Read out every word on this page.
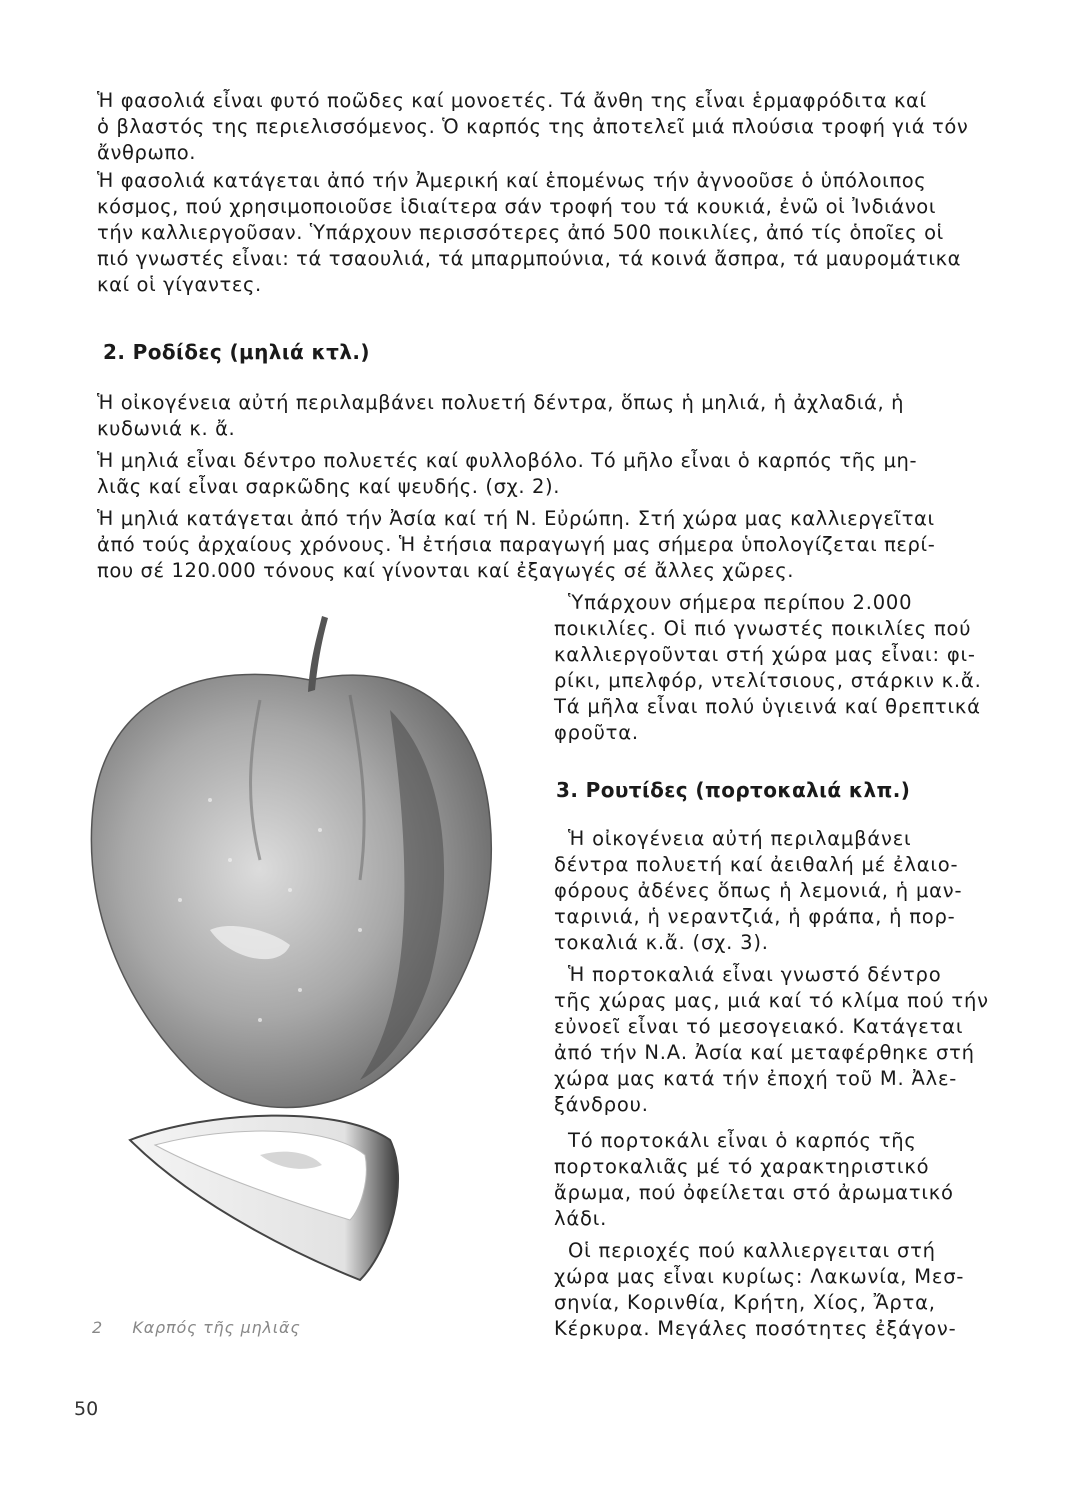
Ἡ φασολιά εἶναι φυτό ποῶδες καί μονοετές. Τά ἄνθη της εἶναι ἑρμαφρόδιτα καί
ὁ βλαστός της περιελισσόμενος. Ὁ καρπός της ἀποτελεῖ μιά πλούσια τροφή γιά τόν
ἄνθρωπο.

Ἡ φασολιά κατάγεται ἀπό τήν Ἀμερική καί ἑπομένως τήν ἀγνοοῦσε ὁ ὑπόλοιπος
κόσμος, πού χρησιμοποιοῦσε ἰδιαίτερα σάν τροφή του τά κουκιά, ἐνῶ οἱ Ἰνδιάνοι
τήν καλλιεργοῦσαν. Ὑπάρχουν περισσότερες ἀπό 500 ποικιλίες, ἀπό τίς ὁποῖες οἱ
πιό γνωστές εἶναι: τά τσαουλιά, τά μπαρμπούνια, τά κοινά ἄσπρα, τά μαυρομάτικα
καί οἱ γίγαντες.

2. Ροδίδες (μηλιά κτλ.)

Ἡ οἰκογένεια αὐτή περιλαμβάνει πολυετή δέντρα, ὅπως ἡ μηλιά, ἡ ἀχλαδιά, ἡ
κυδωνιά κ. ἄ.

Ἡ μηλιά εἶναι δέντρο πολυετές καί φυλλοβόλο. Τό μῆλο εἶναι ὁ καρπός τῆς μη-
λιᾶς καί εἶναι σαρκῶδης καί ψευδής. (σχ. 2).

Ἡ μηλιά κατάγεται ἀπό τήν Ἀσία καί τή Ν. Εὐρώπη. Στή χώρα μας καλλιεργεῖται
ἀπό τούς ἀρχαίους χρόνους. Ἡ ἐτήσια παραγωγή μας σήμερα ὑπολογίζεται περί-
που σέ 120.000 τόνους καί γίνονται καί ἐξαγωγές σέ ἄλλες χῶρες.

Ὑπάρχουν σήμερα περίπου 2.000
ποικιλίες. Οἱ πιό γνωστές ποικιλίες πού
καλλιεργοῦνται στή χώρα μας εἶναι: φι-
ρίκι, μπελφόρ, ντελίτσιους, στάρκιν κ.ἄ.
Τά μῆλα εἶναι πολύ ὑγιεινά καί θρεπτικά
φροῦτα.

3. Ρουτίδες (πορτοκαλιά κλπ.)

Ἡ οἰκογένεια αὐτή περιλαμβάνει
δέντρα πολυετή καί ἀειθαλή μέ ἐλαιο-
φόρους ἀδένες ὅπως ἡ λεμονιά, ἡ μαν-
ταρινιά, ἡ νεραντζιά, ἡ φράπα, ἡ πορ-
τοκαλιά κ.ἄ. (σχ. 3).

Ἡ πορτοκαλιά εἶναι γνωστό δέντρο
τῆς χώρας μας, μιά καί τό κλίμα πού τήν
εὐνοεῖ εἶναι τό μεσογειακό. Κατάγεται
ἀπό τήν Ν.Α. Ἀσία καί μεταφέρθηκε στή
χώρα μας κατά τήν ἐποχή τοῦ Μ. Ἀλε-
ξάνδρου.

Τό πορτοκάλι εἶναι ὁ καρπός τῆς
πορτοκαλιᾶς μέ τό χαρακτηριστικό
ἄρωμα, πού ὀφείλεται στό ἀρωματικό
λάδι.

Οἱ περιοχές πού καλλιεργειται στή
χώρα μας εἶναι κυρίως: Λακωνία, Μεσ-
σηνία, Κορινθία, Κρήτη, Χίος, Ἄρτα,
Κέρκυρα. Μεγάλες ποσότητες ἐξάγον-

2 Καρπός τῆς μηλιᾶς
50
